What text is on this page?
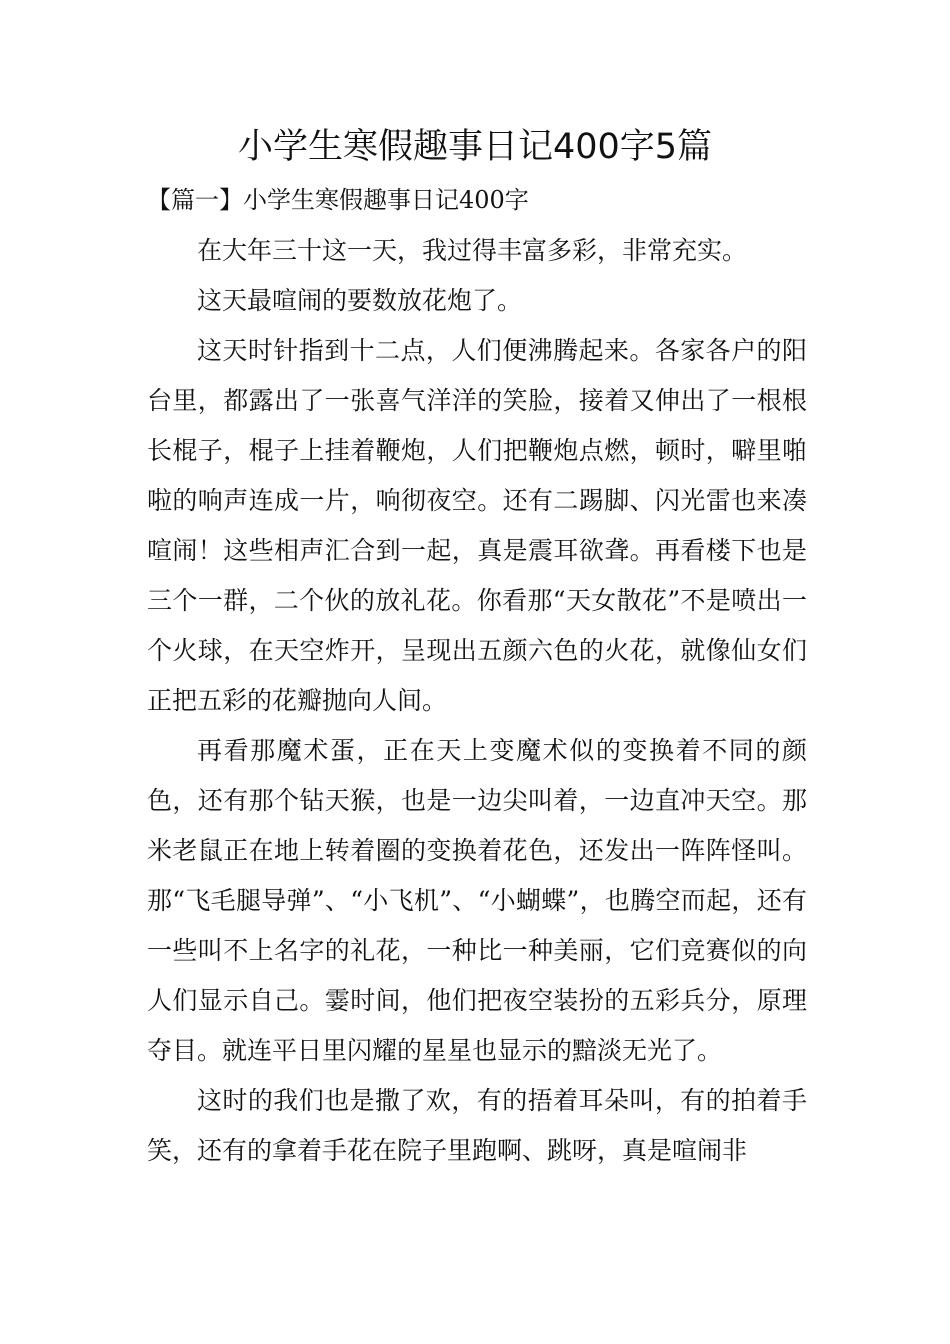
小学生寒假趣事日记400字5篇
【篇一】小学生寒假趣事日记400字

在大年三十这一天，我过得丰富多彩，非常充实。

这天最喧闹的要数放花炮了。

这天时针指到十二点，人们便沸腾起来。各家各户的阳台里，都露出了一张喜气洋洋的笑脸，接着又伸出了一根根长棍子，棍子上挂着鞭炮，人们把鞭炮点燃，顿时，噼里啪啦的响声连成一片，响彻夜空。还有二踢脚、闪光雷也来凑喧闹！这些相声汇合到一起，真是震耳欲聋。再看楼下也是三个一群，二个伙的放礼花。你看那“天女散花”不是喷出一个火球，在天空炸开，呈现出五颜六色的火花，就像仙女们正把五彩的花瓣抛向人间。

再看那魔术蛋，正在天上变魔术似的变换着不同的颜色，还有那个钻天猴，也是一边尖叫着，一边直冲天空。那米老鼠正在地上转着圈的变换着花色，还发出一阵阵怪叫。那“飞毛腿导弹”、“小飞机”、“小蝴蝶”，也腾空而起，还有一些叫不上名字的礼花，一种比一种美丽，它们竞赛似的向人们显示自己。霎时间，他们把夜空装扮的五彩兵分，原理夺目。就连平日里闪耀的星星也显示的黯淡无光了。

这时的我们也是撒了欢，有的捂着耳朵叫，有的拍着手笑，还有的拿着手花在院子里跑啊、跳呀，真是喧闹非
